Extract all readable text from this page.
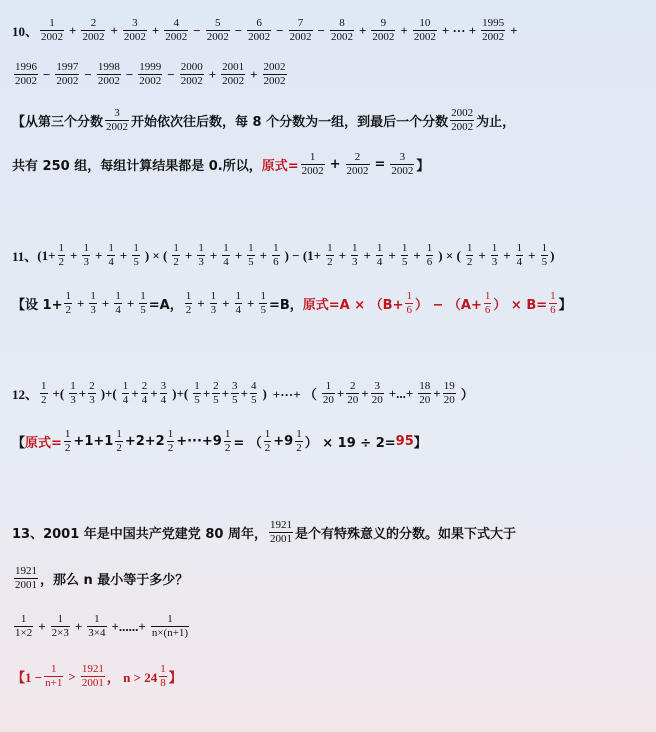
10、
1
$2002 + \frac{2}{2002} + \frac{3}{2002} + \frac{4}{2002} - \frac{5}{2002} - \frac{6}{2002} - \frac{7}{2002} - \frac{8}{2002} + \frac{9}{2002} + \frac{10}{2002}$ + ··· + $\frac{1995}{2002}$ +
1996
$2002 - \frac{1997}{2002} - \frac{1998}{2002} - \frac{1999}{2002} - \frac{2000}{2002} + \frac{2001}{2002} + \frac{2002}{2002}$
【从第三个分数
3
2002 开始依次往后数，每 8 个分数为一组，到最后一个分数
2002
2002 为止，
共有 250 组，每组计算结果都是 0.所以， 原式= $\frac{1}{2002} + \frac{2}{2002} = \frac{3}{2002}$ 】
11、 (1+ 1
$2 + \frac{1}{3} + \frac{1}{4} + \frac{1}{5}$ ) × ( 1
$2 + \frac{1}{3} + \frac{1}{4} + \frac{1}{5} + \frac{1}{6}$ ) − (1+ 1
$2 + \frac{1}{3} + \frac{1}{4} + \frac{1}{5} + \frac{1}{6}$ ) × ( 1
$2 + \frac{1}{3} + \frac{1}{4} + \frac{1}{5}$ )
【设 1+
1
$2 + \frac{1}{3} + \frac{1}{4} + \frac{1}{5} =A$，
1
$2 + \frac{1}{3} + \frac{1}{4} + \frac{1}{5} =B$， 原式$=A \times (B+ \frac{1}{6}$ ） − （$A+ \frac{1}{6}$ ） × $B= \frac{1}{6}$ 】
12、
1
2 +( 1
3 + 2
3 )+( 1
4 + 2
4 + 3
4 )+( 1
5 + 2
5 + 3
5 + 4
5 ) +···+ （
1
20 + 2
20 + 3
20 +...+ $\frac{18}{20} + 19$
20 ）
【 原式= $\frac{1}{2} +1+1$ 1
2 +2+2 1
$2 +\cdot\cdot\cdot+9 \frac{1}{2}$ = （
1
2 +9 1
2 ） × 19 ÷ 2= 95 】
13、 2001 年是中国共产党建党 80 周年，
1921
2001 是个有特殊意义的分数。如果下式大于
1921
2001 ，那么 n 最小等于多少？
1
$1\times 2 + \frac{1}{2\times 3} + \frac{1}{3\times 4}$ +......+ $\frac{1}{n\times(n+1)}$
【$1 - \frac{1}{n+1} > 1921$
2001 ， n > 24
1
8 】
